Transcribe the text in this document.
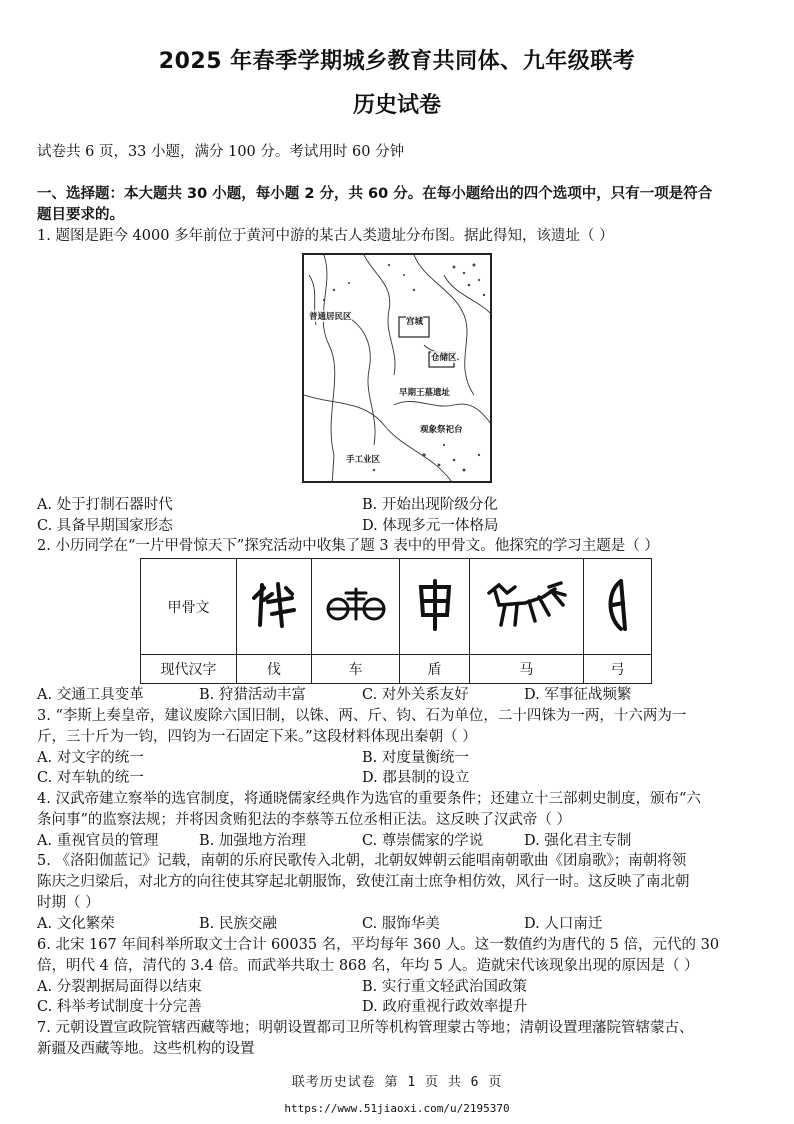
2025 年春季学期城乡教育共同体、九年级联考
历史试卷
试卷共 6 页，33 小题，满分 100 分。考试用时 60 分钟
一、选择题：本大题共 30 小题，每小题 2 分，共 60 分。在每小题给出的四个选项中，只有一项是符合
题目要求的。
1. 题图是距今 4000 多年前位于黄河中游的某古人类遗址分布图。据此得知，该遗址（ ）
普通居民区	宫城
仓储区
早期王墓遗址
观象祭祀台
手工业区
A. 处于打制石器时代	B. 开始出现阶级分化
C. 具备早期国家形态	D. 体现多元一体格局
2. 小历同学在“一片甲骨惊天下”探究活动中收集了题 3 表中的甲骨文。他探究的学习主题是（ ）
甲骨文					
现代汉字	伐	车	盾	马	弓
A. 交通工具变革	B. 狩猎活动丰富	C. 对外关系友好	D. 军事征战频繁
3. “李斯上奏皇帝，建议废除六国旧制，以铢、两、斤、钧、石为单位，二十四铢为一两，十六两为一
斤，三十斤为一钧，四钧为一石固定下来。”这段材料体现出秦朝（ ）
A. 对文字的统一	B. 对度量衡统一
C. 对车轨的统一	D. 郡县制的设立
4. 汉武帝建立察举的选官制度，将通晓儒家经典作为选官的重要条件；还建立十三部刺史制度，颁布“六
条问事”的监察法规；并将因贪贿犯法的李蔡等五位丞相正法。这反映了汉武帝（ ）
A. 重视官员的管理	B. 加强地方治理	C. 尊崇儒家的学说	D. 强化君主专制
5. 《洛阳伽蓝记》记载，南朝的乐府民歌传入北朝，北朝奴婢朝云能唱南朝歌曲《团扇歌》；南朝将领
陈庆之归梁后，对北方的向往使其穿起北朝服饰，致使江南士庶争相仿效，风行一时。这反映了南北朝
时期（ ）
A. 文化繁荣	B. 民族交融	C. 服饰华美	D. 人口南迁
6. 北宋 167 年间科举所取文士合计 60035 名，平均每年 360 人。这一数值约为唐代的 5 倍，元代的 30
倍，明代 4 倍，清代的 3.4 倍。而武举共取士 868 名，年均 5 人。造就宋代该现象出现的原因是（ ）
A. 分裂割据局面得以结束	B. 实行重文轻武治国政策
C. 科举考试制度十分完善	D. 政府重视行政效率提升
7. 元朝设置宣政院管辖西藏等地；明朝设置都司卫所等机构管理蒙古等地；清朝设置理藩院管辖蒙古、
新疆及西藏等地。这些机构的设置
联考历史试卷 第 1 页 共 6 页
https://www.51jiaoxi.com/u/2195370
